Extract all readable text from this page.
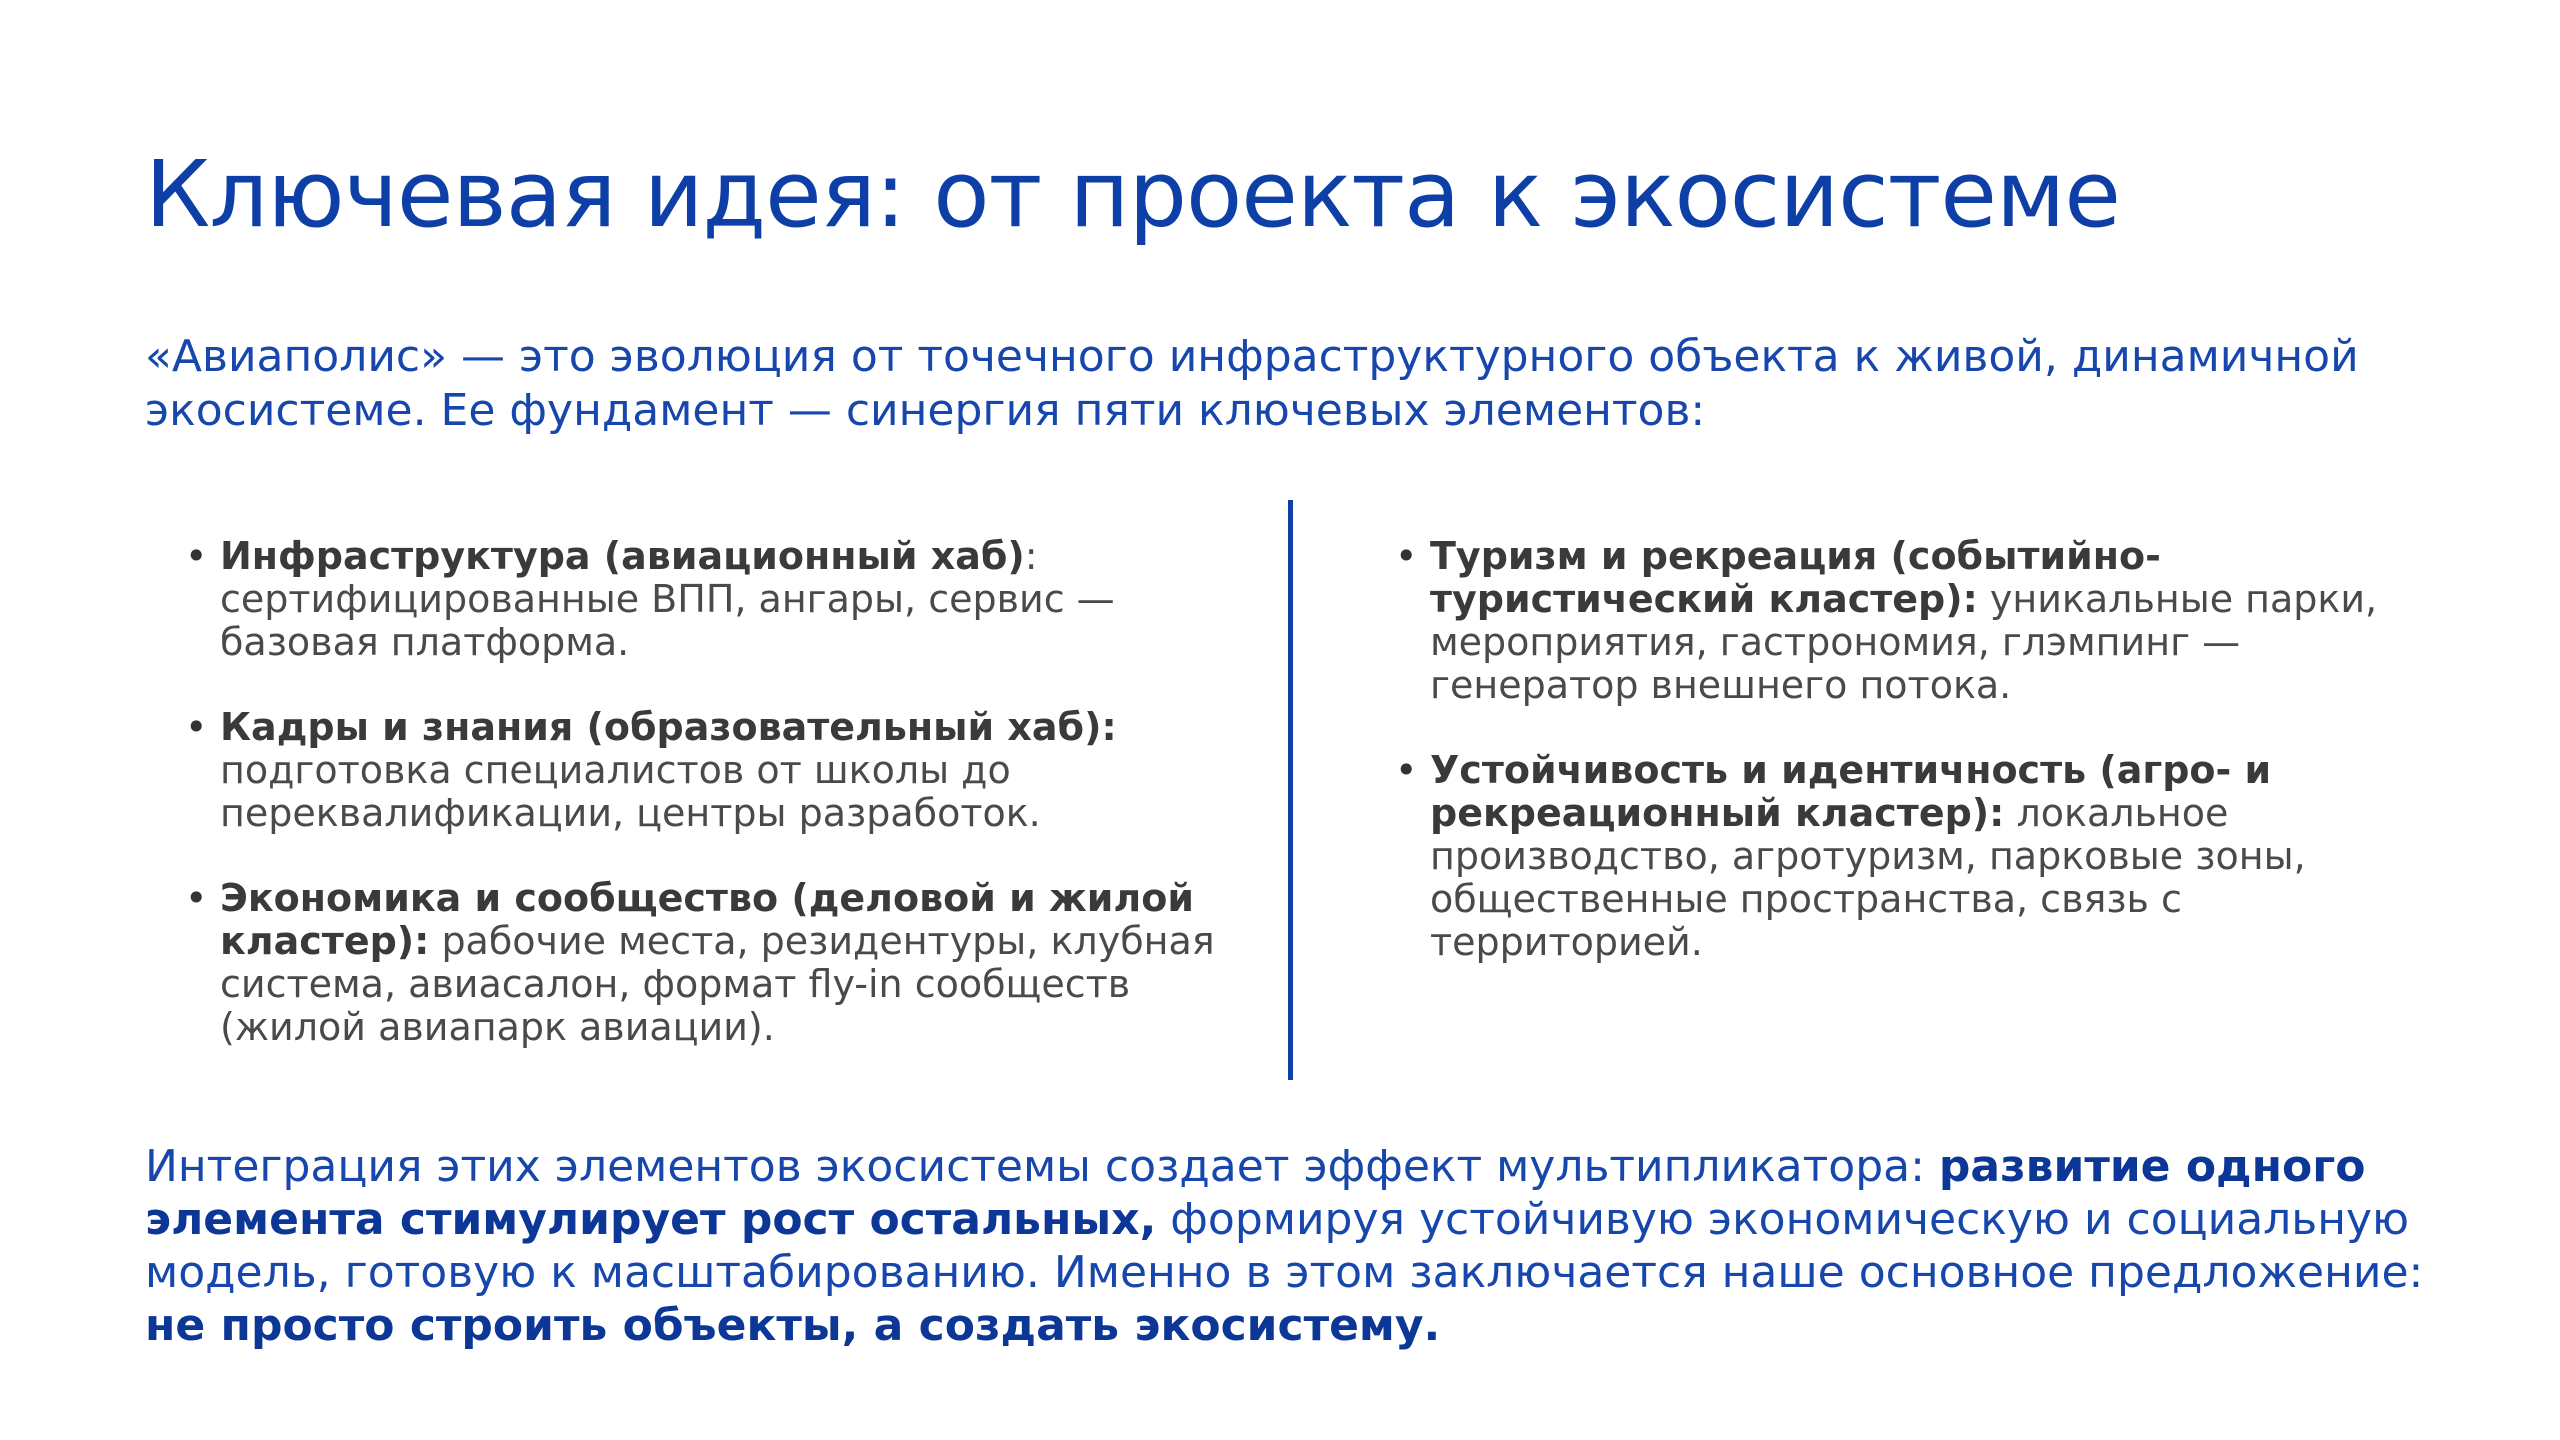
Ключевая идея: от проекта к экосистеме

«Авиаполис» — это эволюция от точечного инфраструктурного объекта к живой, динамичной экосистеме. Ее фундамент — синергия пяти ключевых элементов:

• Инфраструктура (авиационный хаб): сертифицированные ВПП, ангары, сервис — базовая платформа.
• Кадры и знания (образовательный хаб): подготовка специалистов от школы до переквалификации, центры разработок.
• Экономика и сообщество (деловой и жилой кластер): рабочие места, резидентуры, клубная система, авиасалон, формат fly-in сообществ (жилой авиапарк авиации).
• Туризм и рекреация (событийно-туристический кластер): уникальные парки, мероприятия, гастрономия, глэмпинг — генератор внешнего потока.
• Устойчивость и идентичность (агро- и рекреационный кластер): локальное производство, агротуризм, парковые зоны, общественные пространства, связь с территорией.

Интеграция этих элементов экосистемы создает эффект мультипликатора: развитие одного элемента стимулирует рост остальных, формируя устойчивую экономическую и социальную модель, готовую к масштабированию. Именно в этом заключается наше основное предложение: не просто строить объекты, а создать экосистему.
